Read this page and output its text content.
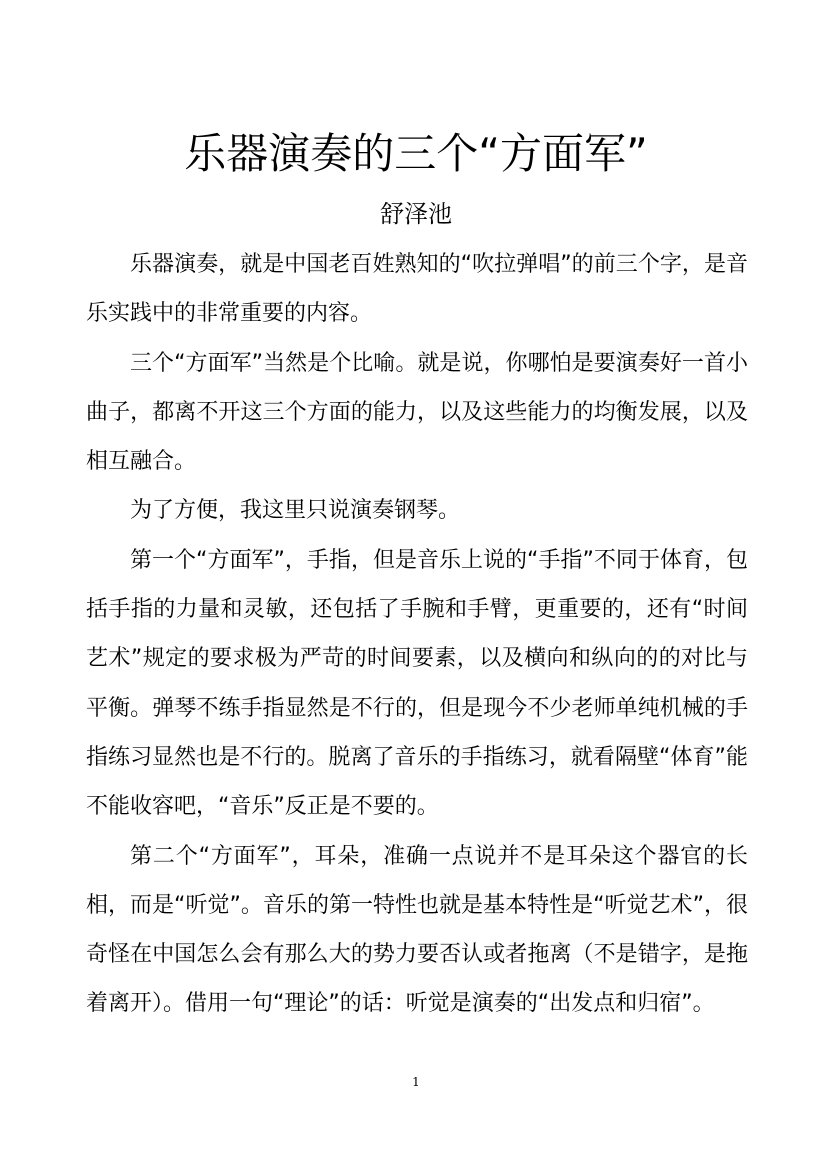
乐器演奏的三个“方面军”
舒泽池

乐器演奏，就是中国老百姓熟知的“吹拉弹唱”的前三个字，是音乐实践中的非常重要的内容。

三个“方面军”当然是个比喻。就是说，你哪怕是要演奏好一首小曲子，都离不开这三个方面的能力，以及这些能力的均衡发展，以及相互融合。

为了方便，我这里只说演奏钢琴。

第一个“方面军”，手指，但是音乐上说的“手指”不同于体育，包括手指的力量和灵敏，还包括了手腕和手臂，更重要的，还有“时间艺术”规定的要求极为严苛的时间要素，以及横向和纵向的的对比与平衡。弹琴不练手指显然是不行的，但是现今不少老师单纯机械的手指练习显然也是不行的。脱离了音乐的手指练习，就看隔壁“体育”能不能收容吧，“音乐”反正是不要的。

第二个“方面军”，耳朵，准确一点说并不是耳朵这个器官的长相，而是“听觉”。音乐的第一特性也就是基本特性是“听觉艺术”，很奇怪在中国怎么会有那么大的势力要否认或者拖离（不是错字，是拖着离开）。借用一句“理论”的话：听觉是演奏的“出发点和归宿”。

1
